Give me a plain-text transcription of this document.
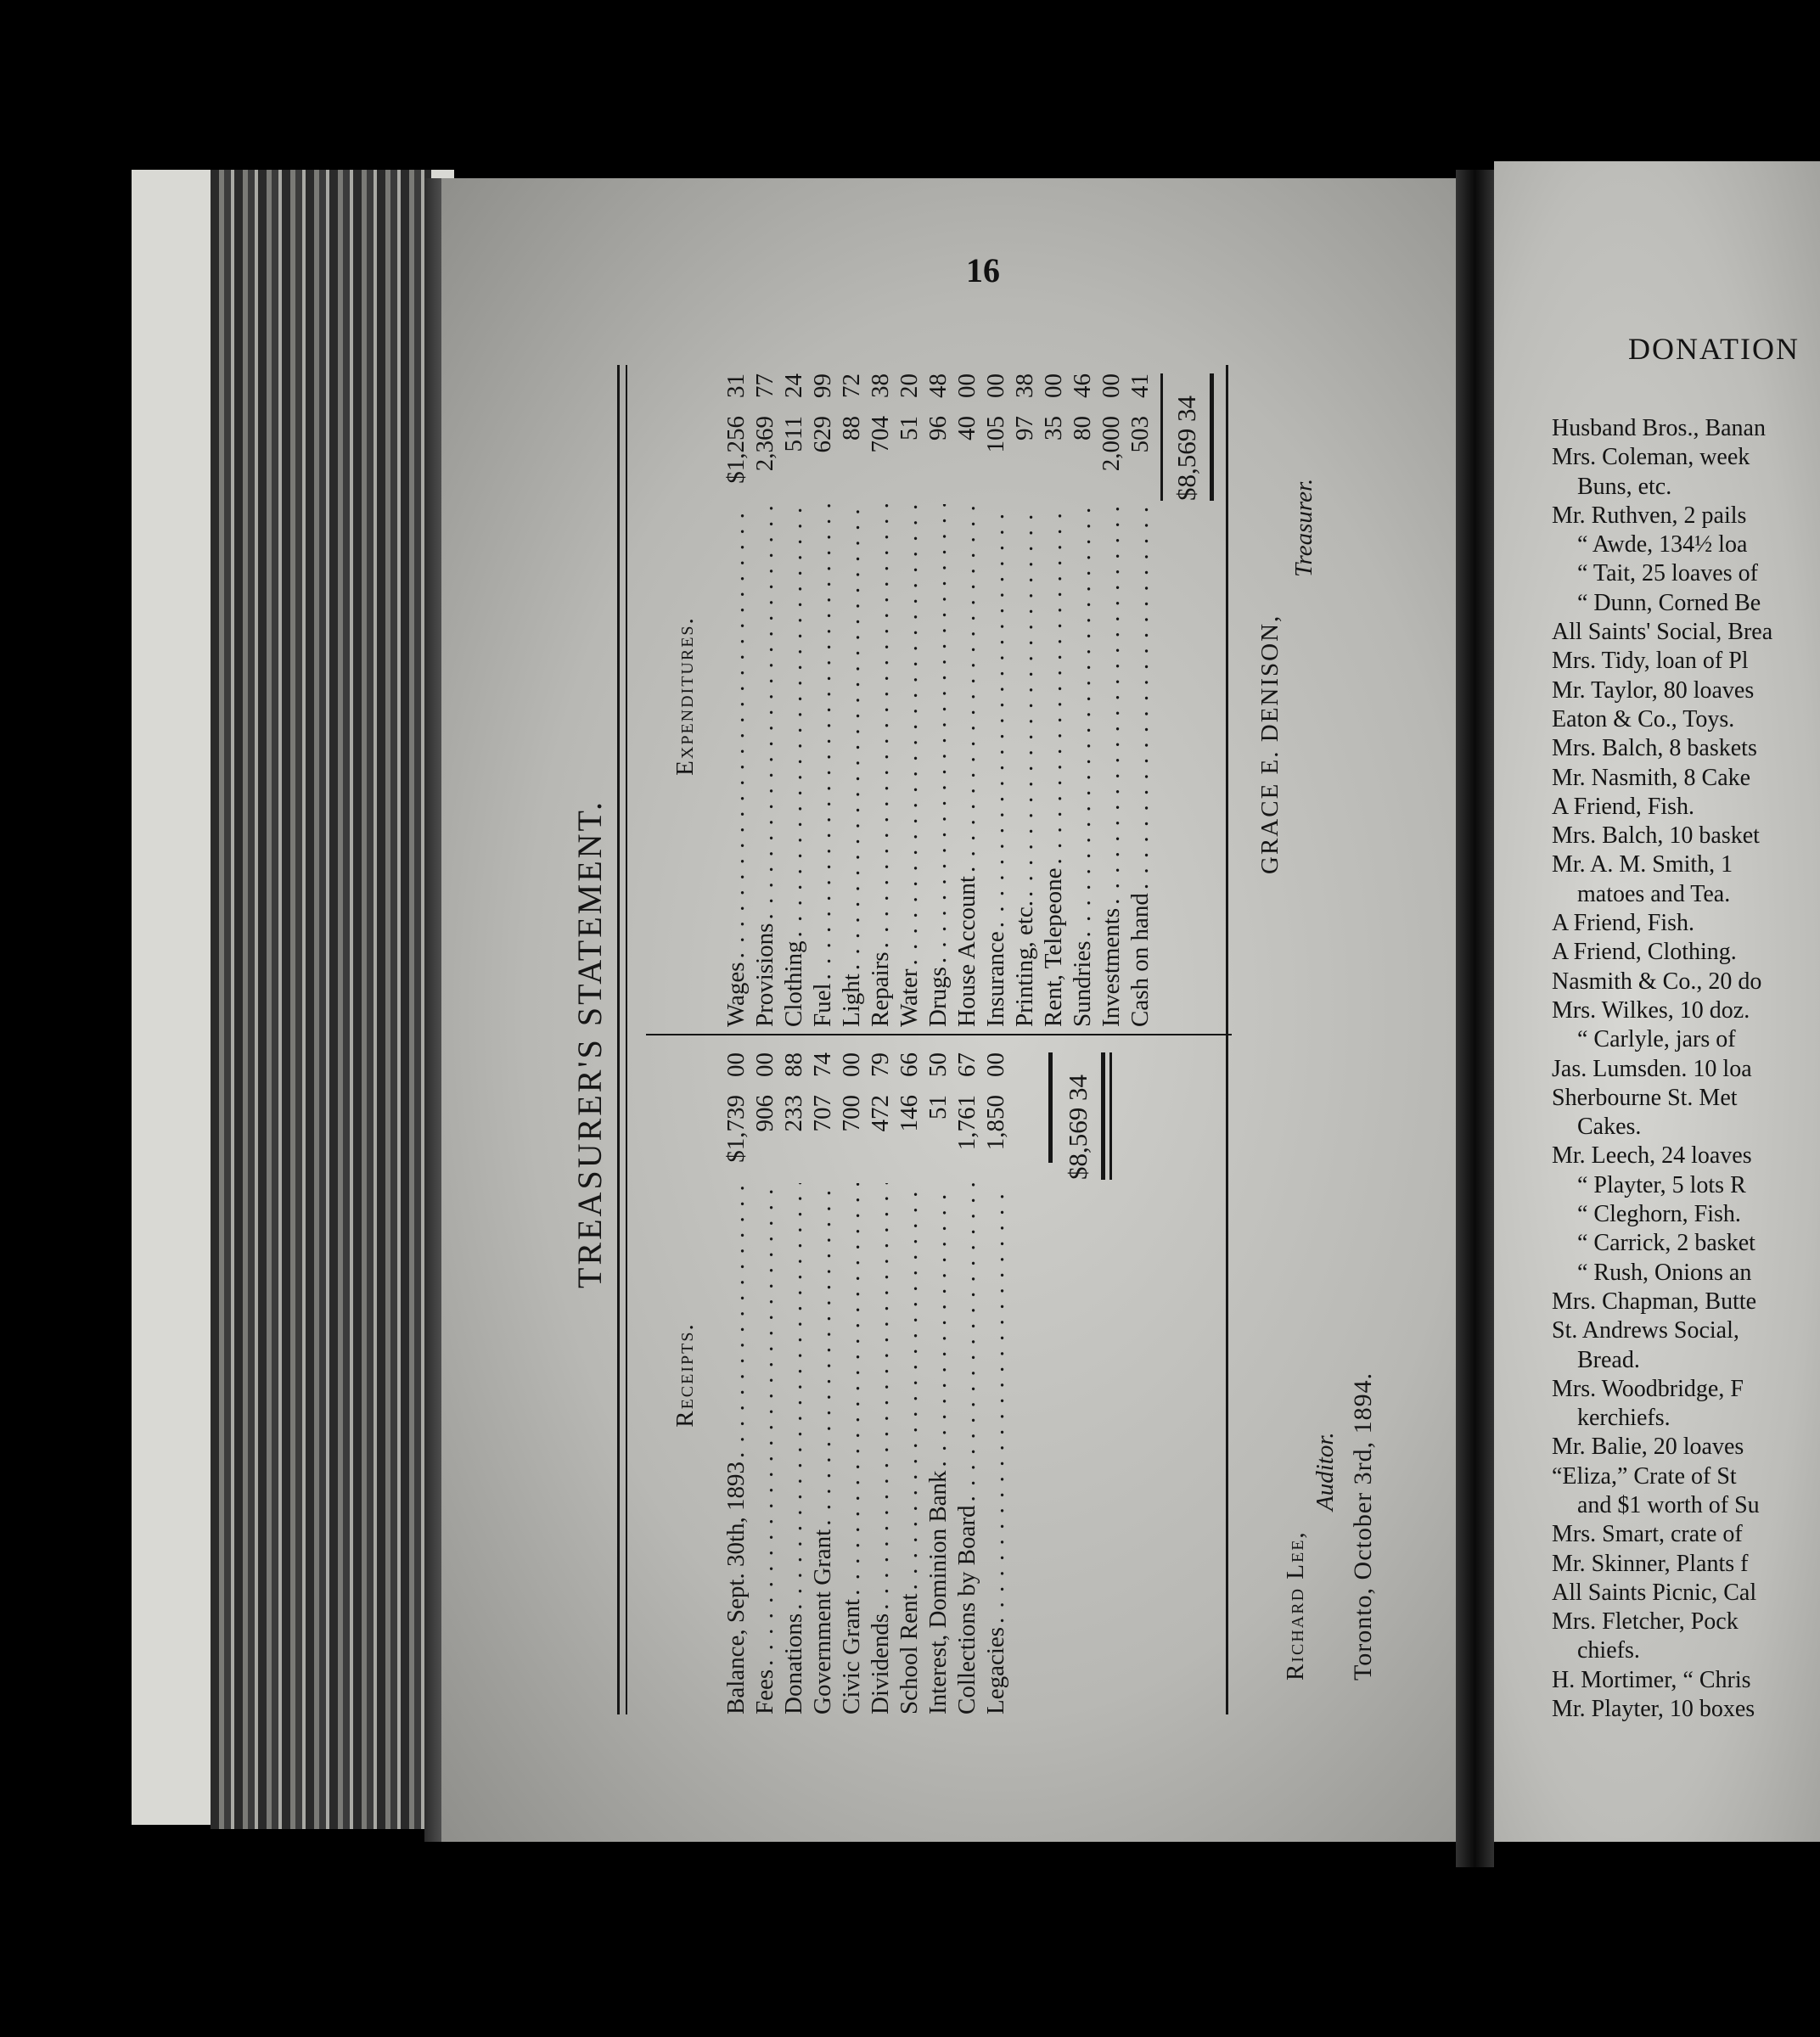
16
TREASURER'S STATEMENT.
Receipts.
Balance, Sept. 30th, 1893
. . .
$1,739
00
Fees
. . .
906
00
Donations
. . .
233
88
Government Grant
. . .
707
74
Civic Grant
. . .
700
00
Dividends
. . .
472
79
School Rent
. . .
146
66
Interest, Dominion Bank
. . .
51
50
Collections by Board
. . .
1,761
67
Legacies
. . .
1,850
00
$8,569 34
Expenditures.
Wages
. . .
$1,256
31
Provisions
. . .
2,369
77
Clothing
. . .
511
24
Fuel
. . .
629
99
Light
. . .
88
72
Repairs
. . .
704
38
Water
. . .
51
20
Drugs
. . .
96
48
House Account
. . .
40
00
Insurance
. . .
105
00
Printing, etc.
. . .
97
38
Rent, Telepeone
. . .
35
00
Sundries
. . .
80
46
Investments
. . .
2,000
00
Cash on hand
. . .
503
41
$8,569 34
GRACE E. DENISON,
Treasurer.
Richard Lee,
Auditor. Toronto, October 3rd, 1894.
DONATION
Husband Bros., Banan
Mrs. Coleman, week
Buns, etc.
Mr. Ruthven, 2 pails
“ Awde, 134½ loa
“ Tait, 25 loaves of
“ Dunn, Corned Be
All Saints' Social, Brea
Mrs. Tidy, loan of Pl
Mr. Taylor, 80 loaves
Eaton & Co., Toys.
Mrs. Balch, 8 baskets
Mr. Nasmith, 8 Cake
A Friend, Fish.
Mrs. Balch, 10 basket
Mr. A. M. Smith, 1
matoes and Tea.
A Friend, Fish.
A Friend, Clothing.
Nasmith & Co., 20 do
Mrs. Wilkes, 10 doz.
“ Carlyle, jars of
Jas. Lumsden. 10 loa
Sherbourne St. Met
Cakes.
Mr. Leech, 24 loaves
“ Playter, 5 lots R
“ Cleghorn, Fish.
“ Carrick, 2 basket
“ Rush, Onions an
Mrs. Chapman, Butte
St. Andrews Social,
Bread.
Mrs. Woodbridge, F
kerchiefs.
Mr. Balie, 20 loaves
“Eliza,” Crate of St
and $1 worth of Su
Mrs. Smart, crate of
Mr. Skinner, Plants f
All Saints Picnic, Cal
Mrs. Fletcher, Pock
chiefs.
H. Mortimer, “ Chris
Mr. Playter, 10 boxes
